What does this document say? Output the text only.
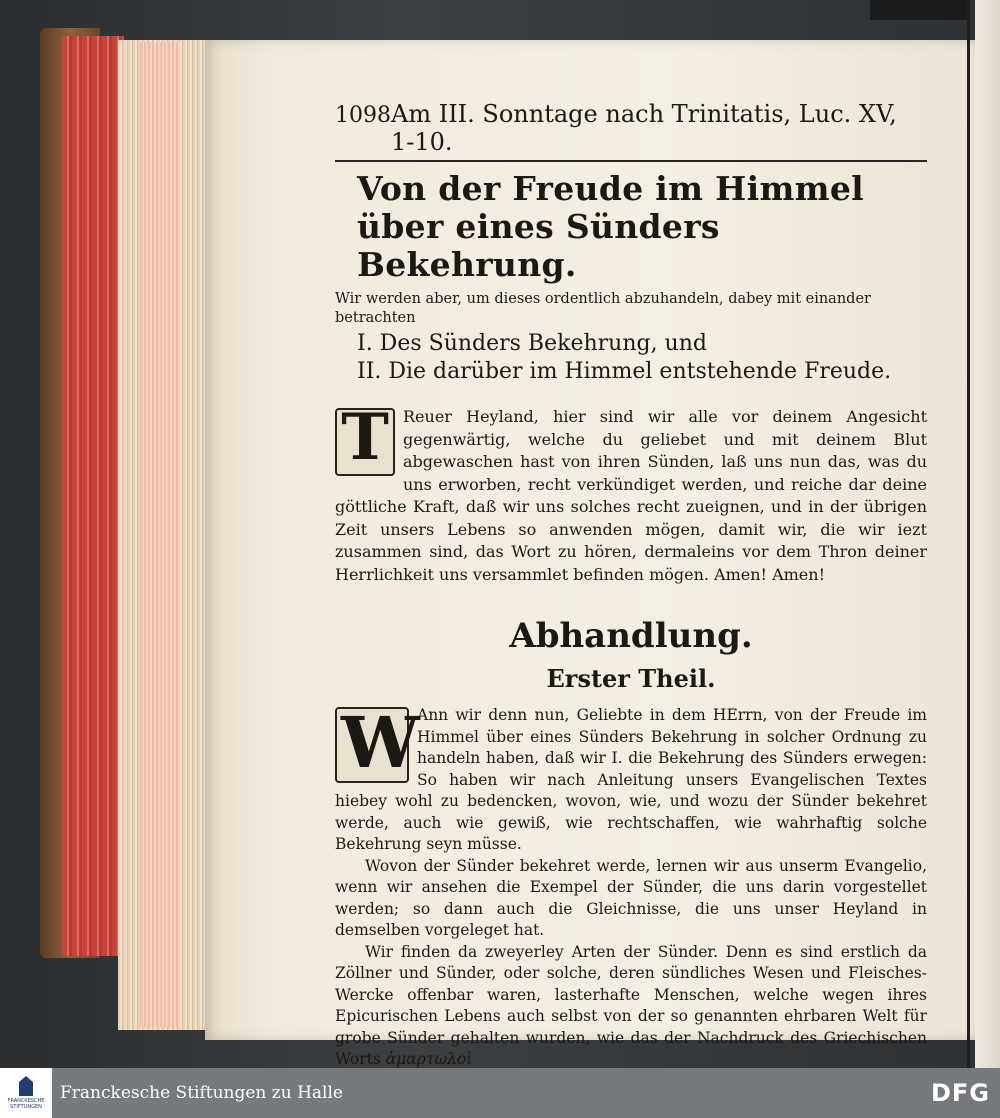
1098 Am III. Sonntage nach Trinitatis, Luc. XV, 1-10.
Von der Freude im Himmel über eines Sünders Bekehrung.

Wir werden aber, um dieses ordentlich abzuhandeln, dabey mit einander betrachten

I. Des Sünders Bekehrung, und
II. Die darüber im Himmel entstehende Freude.
T Reuer Heyland, hier sind wir alle vor deinem Angesicht gegenwärtig, welche du geliebet und mit deinem Blut abgewaschen hast von ihren Sünden, laß uns nun das, was du uns erworben, recht verkündiget werden, und reiche dar deine göttliche Kraft, daß wir uns solches recht zueignen, und in der übrigen Zeit unsers Lebens so anwenden mögen, damit wir, die wir iezt zusammen sind, das Wort zu hören, dermaleins vor dem Thron deiner Herrlichkeit uns versammlet befinden mögen. Amen! Amen!
Abhandlung.
Erster Theil.
W
Ann wir denn nun, Geliebte in dem HErrn, von der Freude im Himmel über eines Sünders Bekehrung in solcher Ordnung zu handeln haben, daß wir I. die Bekehrung des Sünders erwegen: So haben wir nach Anleitung unsers Evangelischen Textes hiebey wohl zu bedencken, wovon, wie, und wozu der Sünder bekehret werde, auch wie gewiß, wie rechtschaffen, wie wahrhaftig solche Bekehrung seyn müsse.

Wovon der Sünder bekehret werde, lernen wir aus unserm Evangelio, wenn wir ansehen die Exempel der Sünder, die uns darin vorgestellet werden; so dann auch die Gleichnisse, die uns unser Heyland in demselben vorgeleget hat.

Wir finden da zweyerley Arten der Sünder. Denn es sind erstlich da Zöllner und Sünder, oder solche, deren sündliches Wesen und Fleisches-Wercke offenbar waren, lasterhafte Menschen, welche wegen ihres Epicurischen Lebens auch selbst von der so genannten ehrbaren Welt für grobe Sünder gehalten wurden, wie das der Nachdruck des Griechischen Worts ἁμαρτωλοὶ

FRANCKESCHE STIFTUNGEN
Franckesche Stiftungen zu Halle	DFG
